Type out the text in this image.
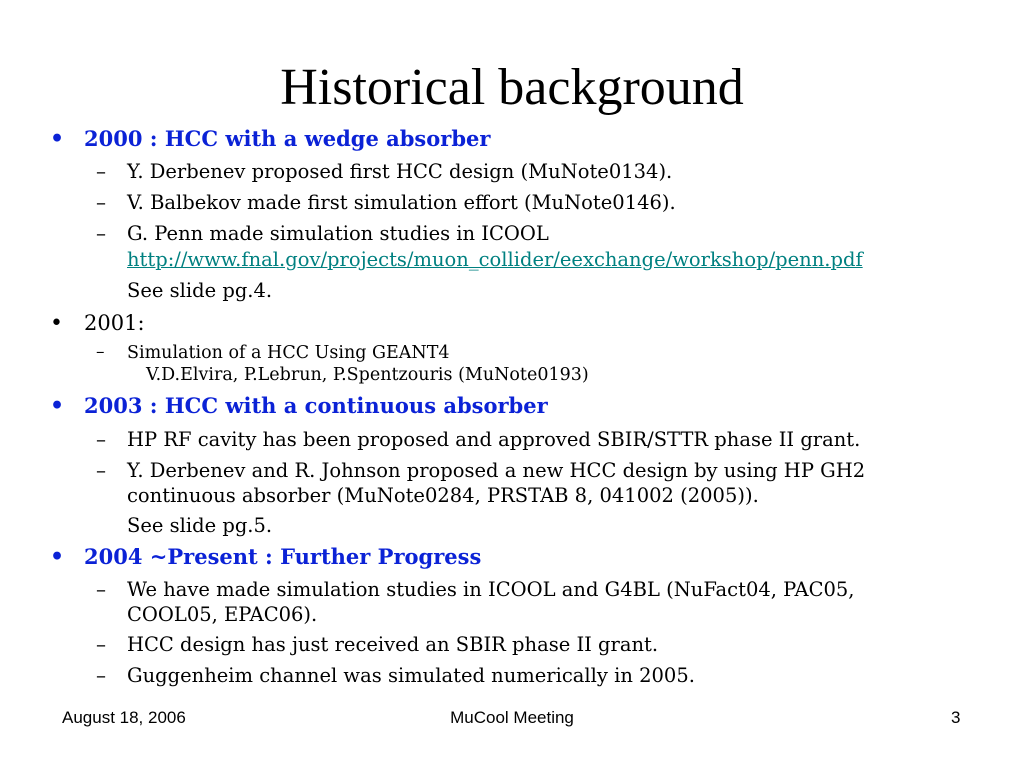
Historical background
• 2000 : HCC with a wedge absorber
– Y. Derbenev proposed first HCC design (MuNote0134).
– V. Balbekov made first simulation effort (MuNote0146).
– G. Penn made simulation studies in ICOOL
http://www.fnal.gov/projects/muon_collider/eexchange/workshop/penn.pdf
See slide pg.4.
• 2001:
– Simulation of a HCC Using GEANT4
V.D.Elvira, P.Lebrun, P.Spentzouris (MuNote0193)
• 2003 : HCC with a continuous absorber
– HP RF cavity has been proposed and approved SBIR/STTR phase II grant.
– Y. Derbenev and R. Johnson proposed a new HCC design by using HP GH2
continuous absorber (MuNote0284, PRSTAB 8, 041002 (2005)).
See slide pg.5.
• 2004 ~Present : Further Progress
– We have made simulation studies in ICOOL and G4BL (NuFact04, PAC05,
COOL05, EPAC06).
– HCC design has just received an SBIR phase II grant.
– Guggenheim channel was simulated numerically in 2005.
August 18, 2006	MuCool Meeting	3
